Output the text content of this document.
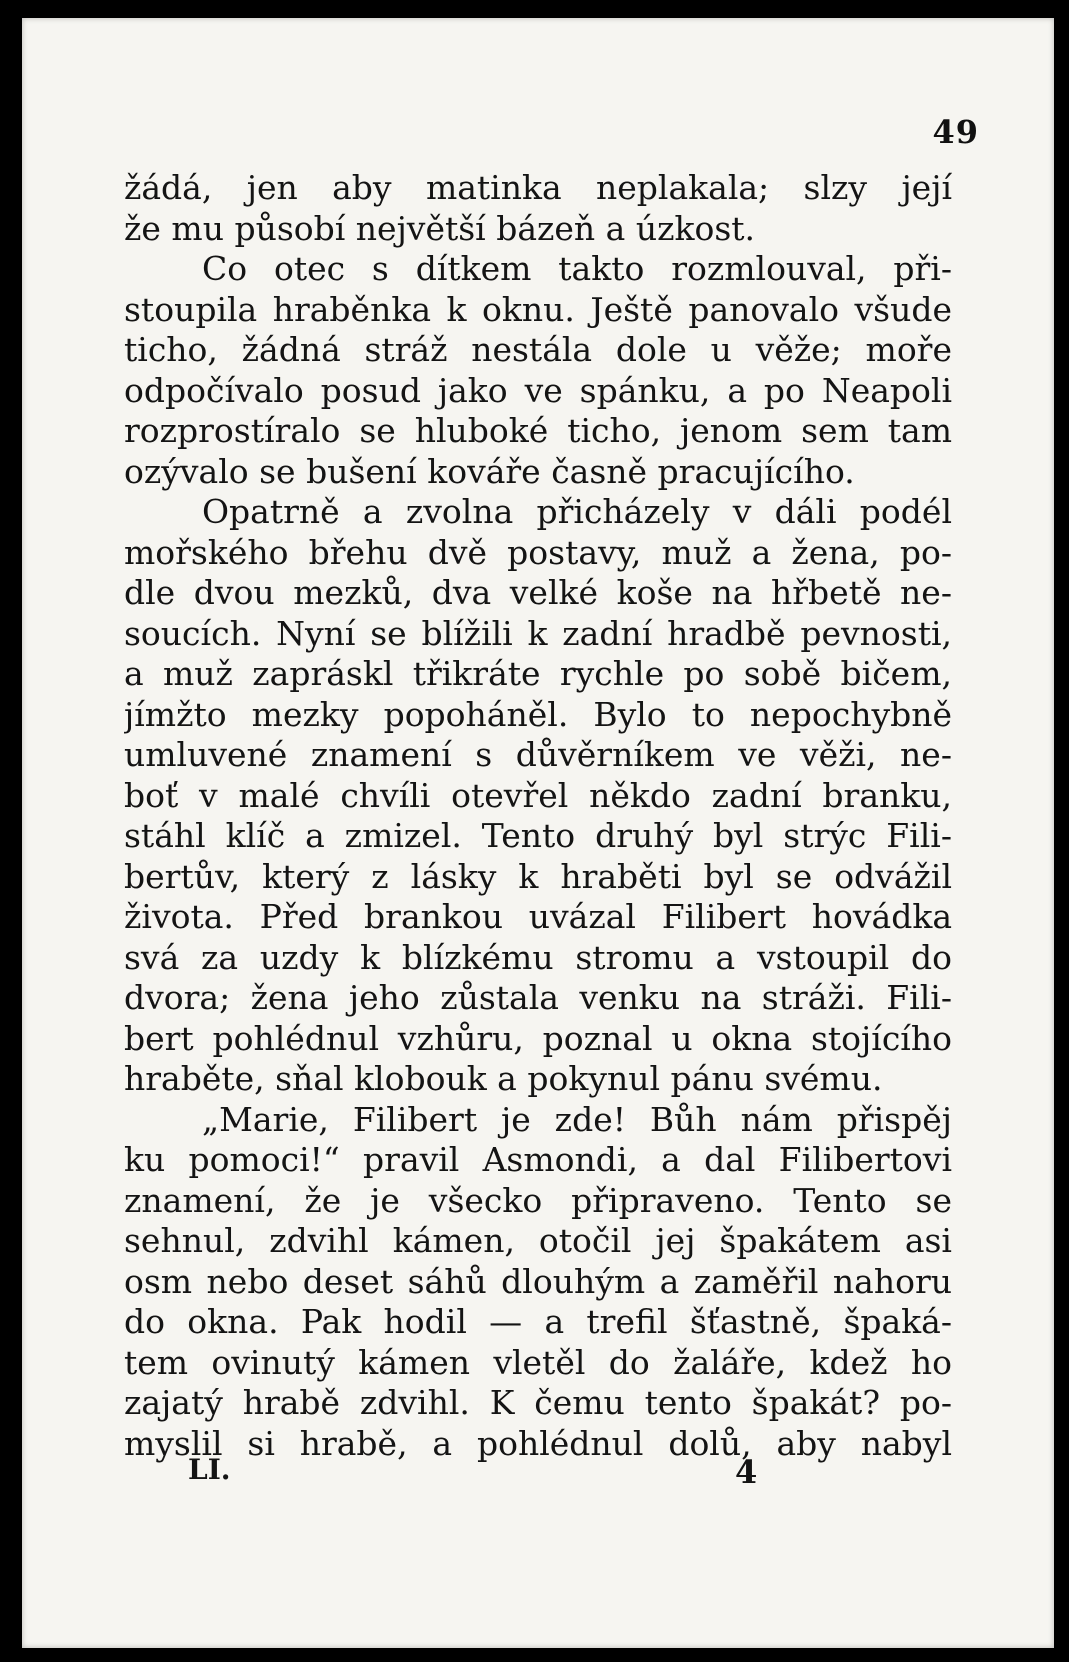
49
žádá, jen aby matinka neplakala; slzy její
že mu působí největší bázeň a úzkost.
Co otec s dítkem takto rozmlouval, při-
stoupila hraběnka k oknu. Ještě panovalo všude
ticho, žádná stráž nestála dole u věže; moře
odpočívalo posud jako ve spánku, a po Neapoli
rozprostíralo se hluboké ticho, jenom sem tam
ozývalo se bušení kováře časně pracujícího.
Opatrně a zvolna přicházely v dáli podél
mořského břehu dvě postavy, muž a žena, po-
dle dvou mezků, dva velké koše na hřbetě ne-
soucích. Nyní se blížili k zadní hradbě pevnosti,
a muž zapráskl třikráte rychle po sobě bičem,
jímžto mezky popoháněl. Bylo to nepochybně
umluvené znamení s důvěrníkem ve věži, ne-
boť v malé chvíli otevřel někdo zadní branku,
stáhl klíč a zmizel. Tento druhý byl strýc Fili-
bertův, který z lásky k hraběti byl se odvážil
života. Před brankou uvázal Filibert hovádka
svá za uzdy k blízkému stromu a vstoupil do
dvora; žena jeho zůstala venku na stráži. Fili-
bert pohlédnul vzhůru, poznal u okna stojícího
hraběte, sňal klobouk a pokynul pánu svému.
„Marie, Filibert je zde! Bůh nám přispěj
ku pomoci!“ pravil Asmondi, a dal Filibertovi
znamení, že je všecko připraveno. Tento se
sehnul, zdvihl kámen, otočil jej špakátem asi
osm nebo deset sáhů dlouhým a zaměřil nahoru
do okna. Pak hodil — a trefil šťastně, špaká-
tem ovinutý kámen vletěl do žaláře, kdež ho
zajatý hrabě zdvihl. K čemu tento špakát? po-
myslil si hrabě, a pohlédnul dolů, aby nabyl
LI.	4
